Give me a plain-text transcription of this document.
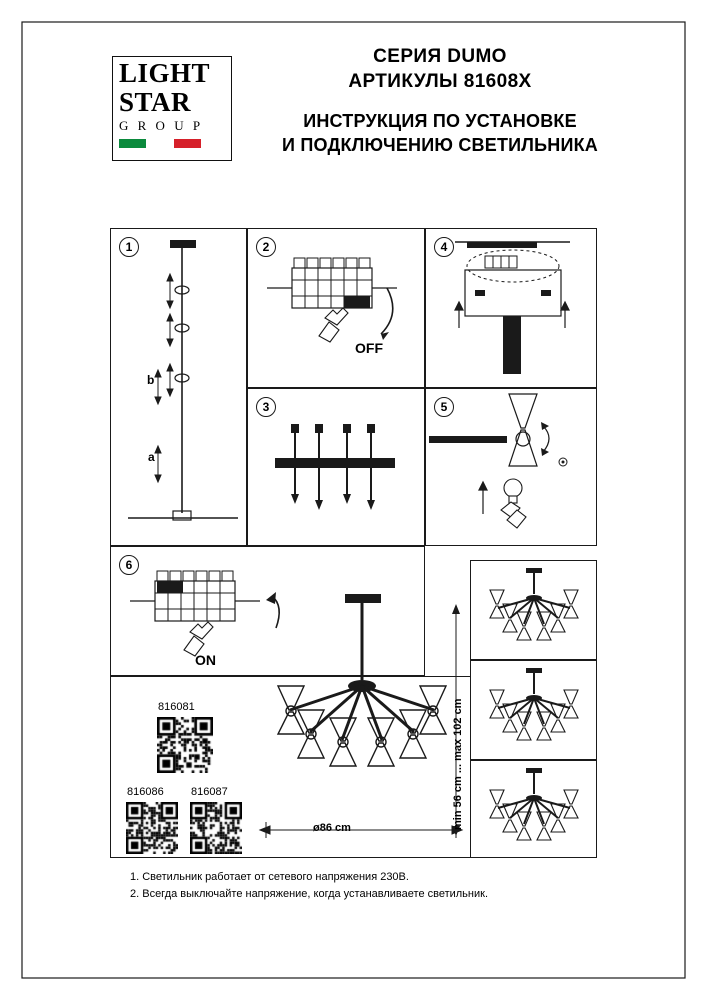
LIGHT
STAR
G R O U P
СЕРИЯ DUMO
АРТИКУЛЫ 81608X
ИНСТРУКЦИЯ ПО УСТАНОВКЕ
И ПОДКЛЮЧЕНИЮ СВЕТИЛЬНИКА
1
b
a
2
OFF
3
4
5
6
ON
816081
816086 816087
ø86 cm	min 56 cm ... max 102 cm
1. Светильник работает от сетевого напряжения 230В.
2. Всегда выключайте напряжение, когда устанавливаете светильник.
